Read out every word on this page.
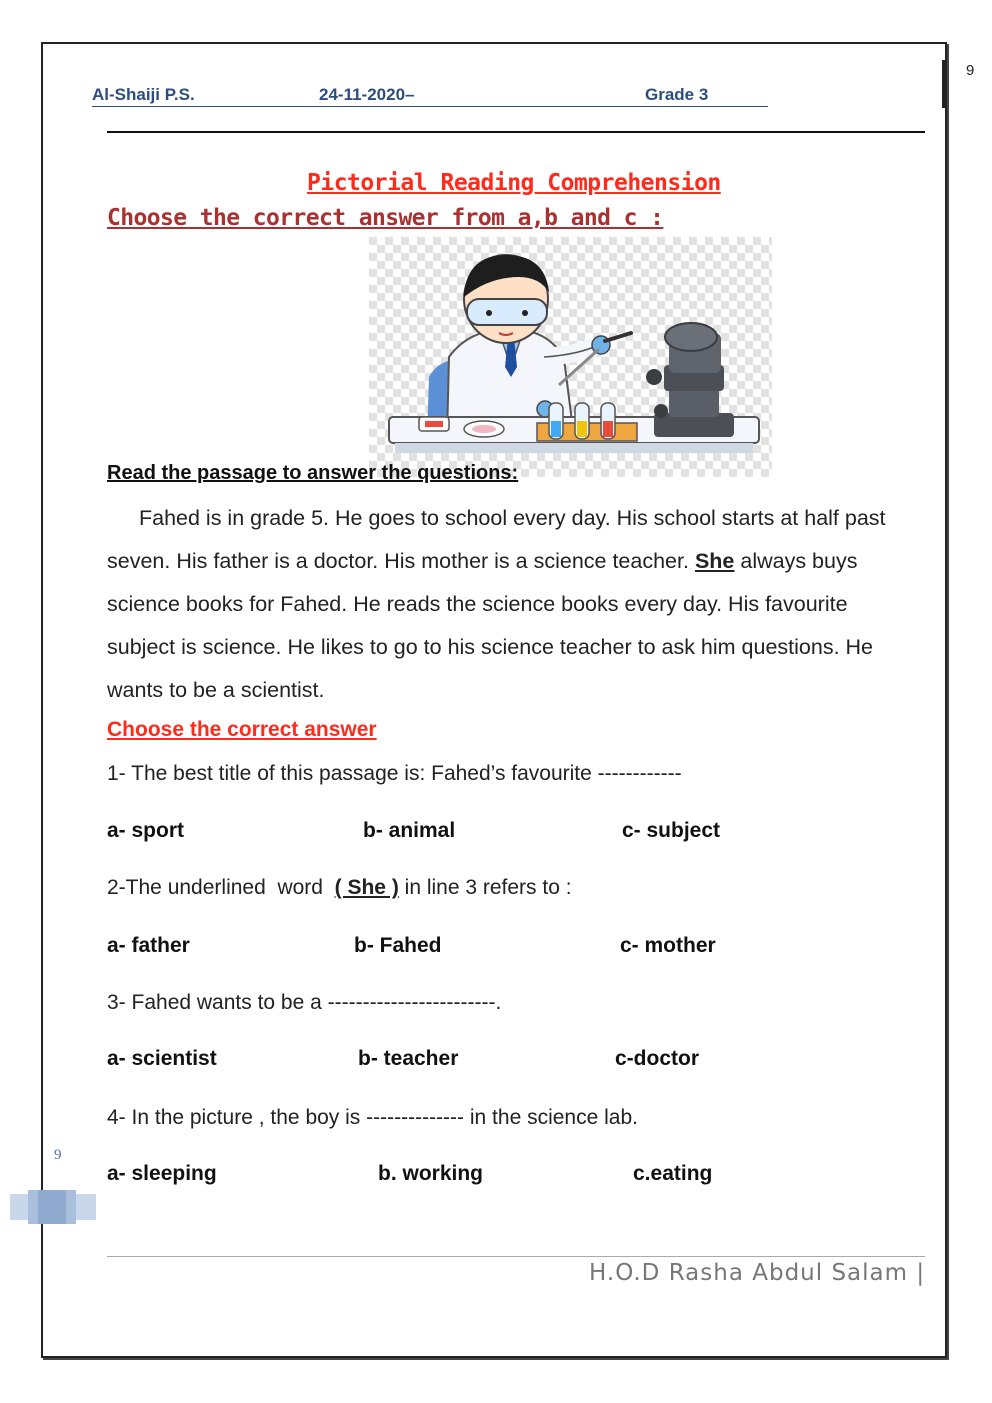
9
Al-Shaiji P.S.	24-11-2020–	Grade 3
Pictorial Reading Comprehension
Choose the correct answer from a,b and c :
Read the passage to answer the questions:
Fahed is in grade 5. He goes to school every day. His school starts at half past seven. His father is a doctor. His mother is a science teacher. She always buys science books for Fahed. He reads the science books every day. His favourite subject is science. He likes to go to his science teacher to ask him questions. He wants to be a scientist.
Choose the correct answer
1- The best title of this passage is: Fahed’s favourite ------------
a- sport	b- animal	c- subject
2-The underlined  word  ( She ) in line 3 refers to :
a- father	b- Fahed	c- mother
3- Fahed wants to be a ------------------------.
a- scientist	b- teacher	c-doctor
4- In the picture , the boy is -------------- in the science lab.
a- sleeping	b. working	c.eating
9
H.O.D Rasha Abdul Salam |
